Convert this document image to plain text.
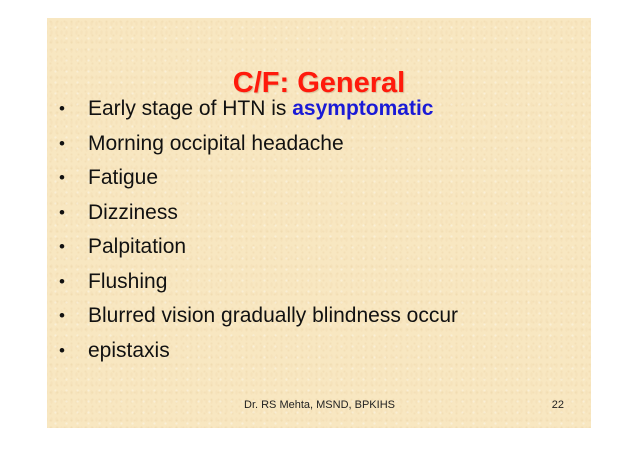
C/F: General
• Early stage of HTN is asymptomatic
• Morning occipital headache
• Fatigue
• Dizziness
• Palpitation
• Flushing
• Blurred vision gradually blindness occur
• epistaxis
Dr. RS Mehta, MSND, BPKIHS	22
